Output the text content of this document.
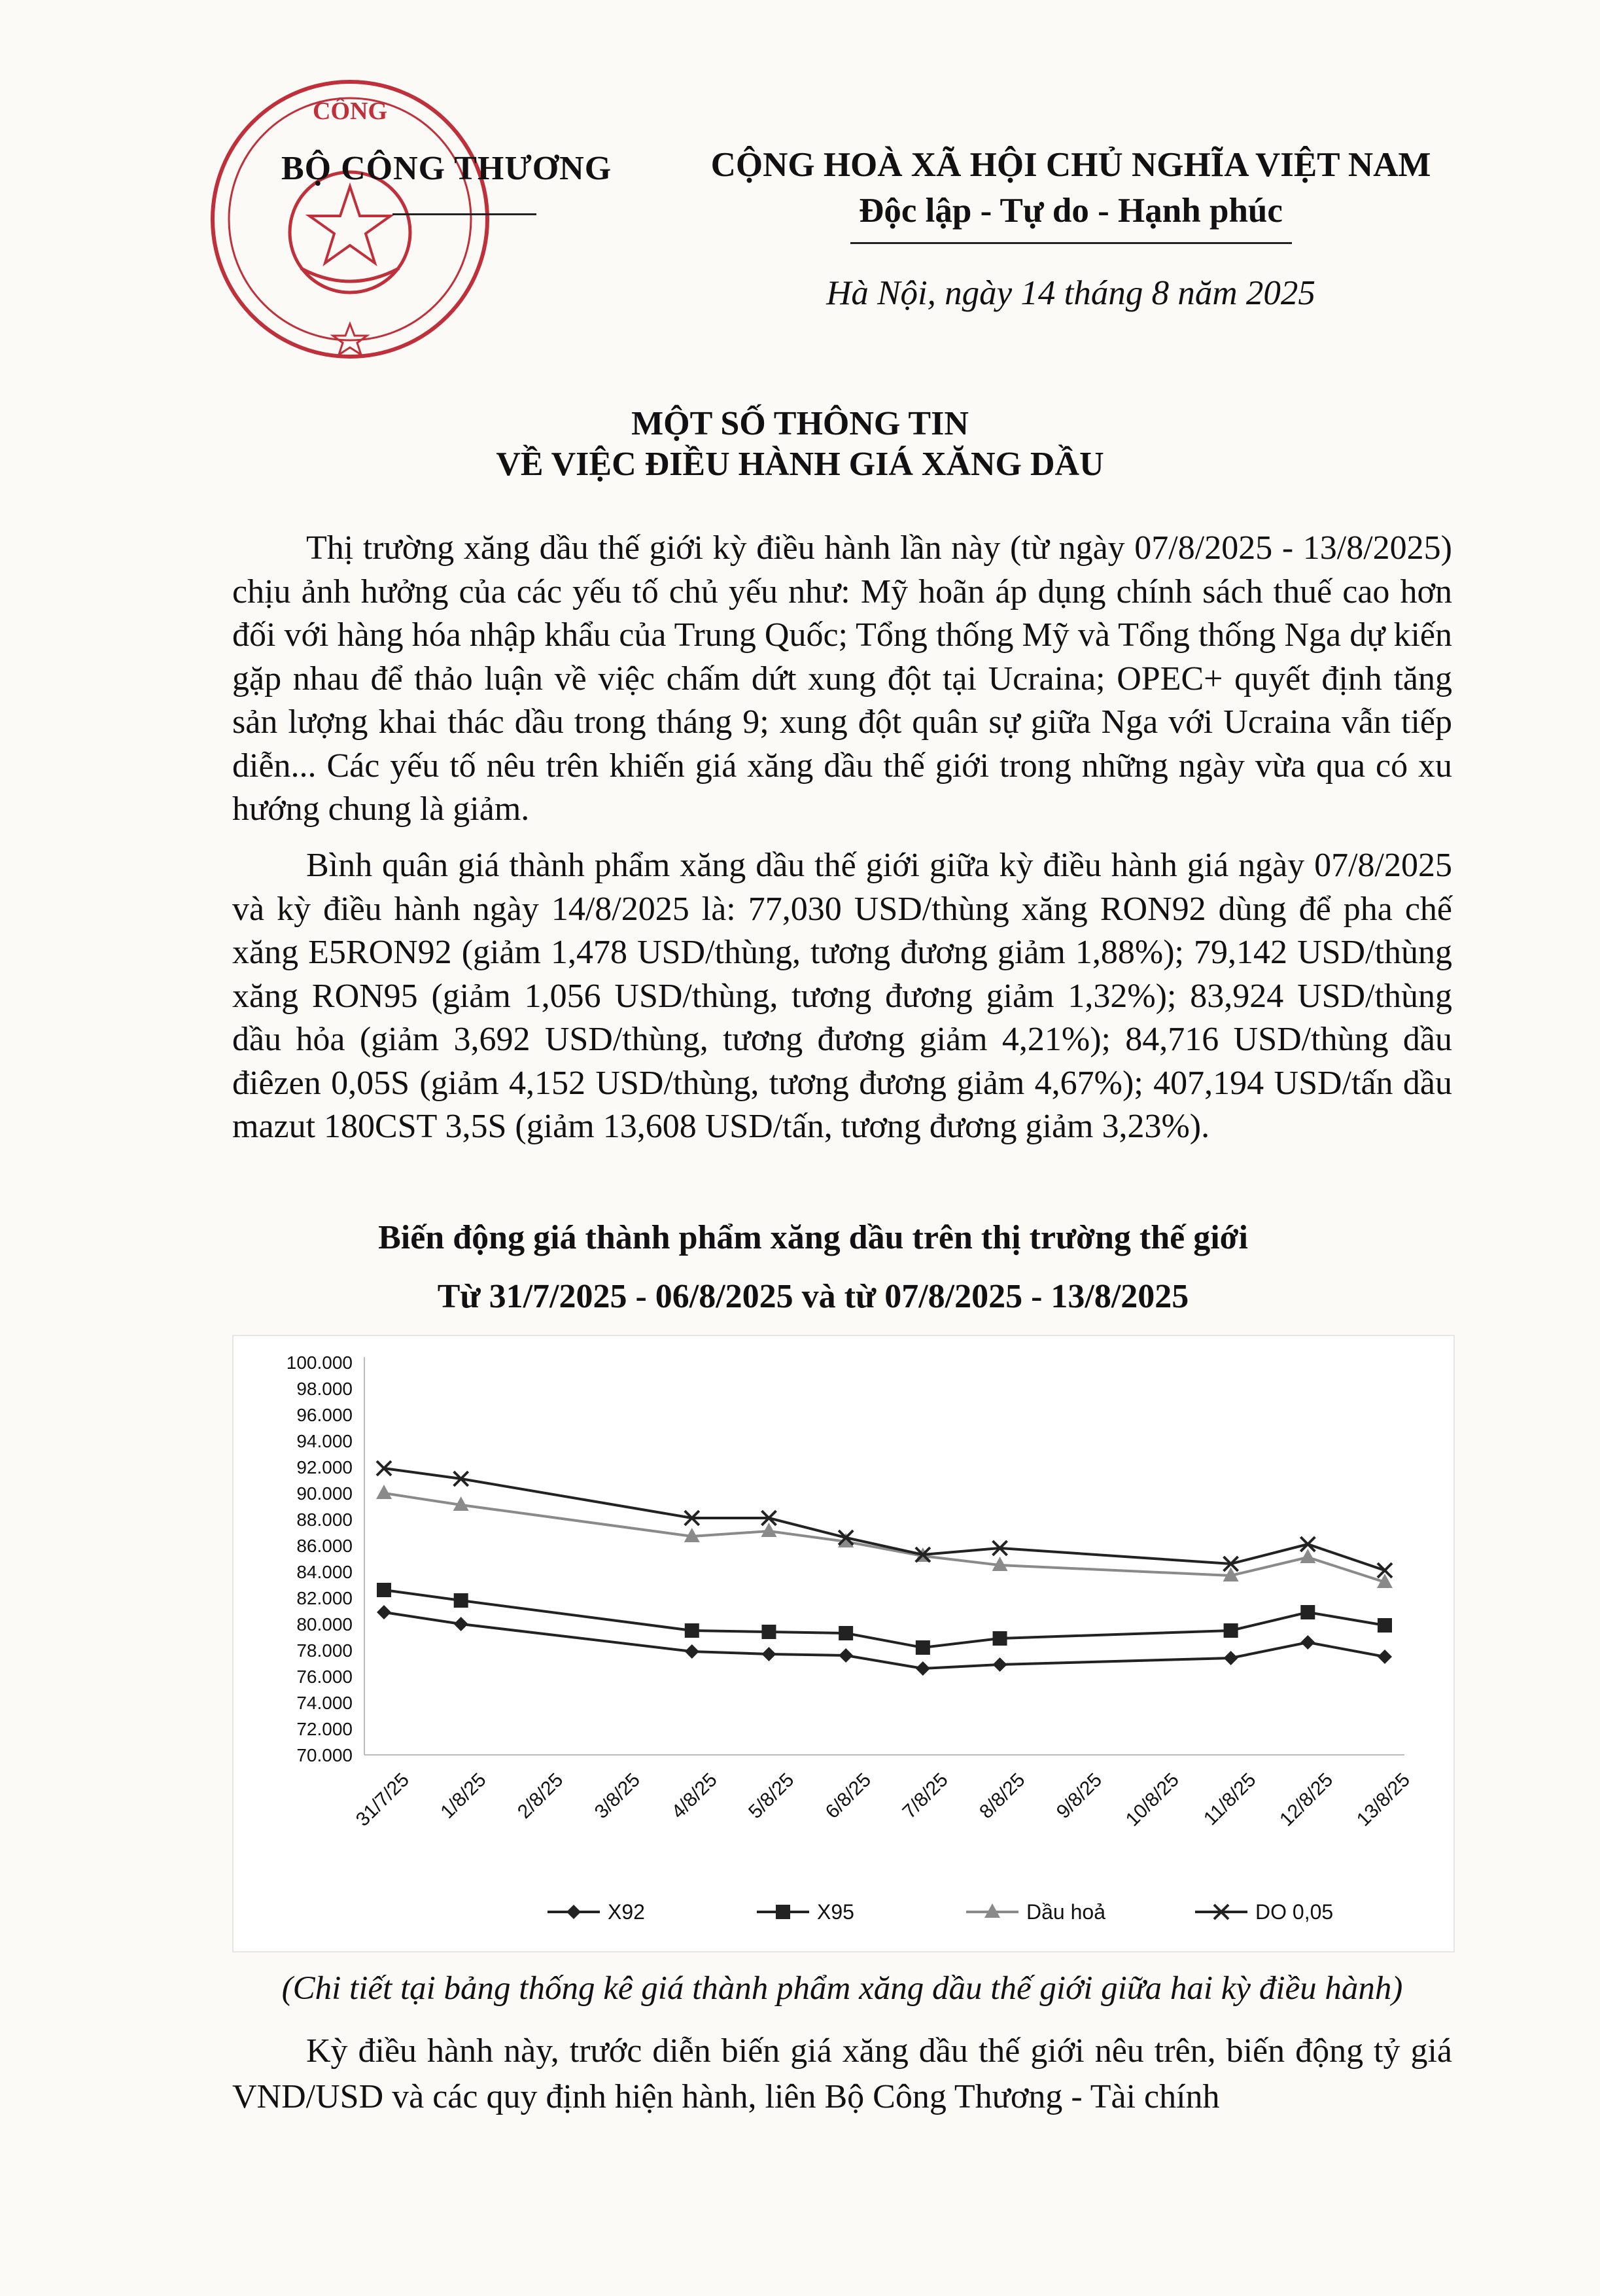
CÔNG
BỘ CÔNG THƯƠNG	CỘNG HOÀ XÃ HỘI CHỦ NGHĨA VIỆT NAM
Độc lập - Tự do - Hạnh phúc
Hà Nội, ngày 14 tháng 8 năm 2025
MỘT SỐ THÔNG TIN
VỀ VIỆC ĐIỀU HÀNH GIÁ XĂNG DẦU
Thị trường xăng dầu thế giới kỳ điều hành lần này (từ ngày 07/8/2025 - 13/8/2025) chịu ảnh hưởng của các yếu tố chủ yếu như: Mỹ hoãn áp dụng chính sách thuế cao hơn đối với hàng hóa nhập khẩu của Trung Quốc; Tổng thống Mỹ và Tổng thống Nga dự kiến gặp nhau để thảo luận về việc chấm dứt xung đột tại Ucraina; OPEC+ quyết định tăng sản lượng khai thác dầu trong tháng 9; xung đột quân sự giữa Nga với Ucraina vẫn tiếp diễn... Các yếu tố nêu trên khiến giá xăng dầu thế giới trong những ngày vừa qua có xu hướng chung là giảm.
Bình quân giá thành phẩm xăng dầu thế giới giữa kỳ điều hành giá ngày 07/8/2025 và kỳ điều hành ngày 14/8/2025 là: 77,030 USD/thùng xăng RON92 dùng để pha chế xăng E5RON92 (giảm 1,478 USD/thùng, tương đương giảm 1,88%); 79,142 USD/thùng xăng RON95 (giảm 1,056 USD/thùng, tương đương giảm 1,32%); 83,924 USD/thùng dầu hỏa (giảm 3,692 USD/thùng, tương đương giảm 4,21%); 84,716 USD/thùng dầu điêzen 0,05S (giảm 4,152 USD/thùng, tương đương giảm 4,67%); 407,194 USD/tấn dầu mazut 180CST 3,5S (giảm 13,608 USD/tấn, tương đương giảm 3,23%).
Biến động giá thành phẩm xăng dầu trên thị trường thế giới
Từ 31/7/2025 - 06/8/2025 và từ 07/8/2025 - 13/8/2025
70.000
72.000
74.000
76.000
78.000
80.000
82.000
84.000
86.000
88.000
90.000
92.000
94.000
96.000
98.000
100.000
31/7/25 1/8/25 2/8/25 3/8/25 4/8/25 5/8/25 6/8/25 7/8/25 8/8/25 9/8/25 10/8/25 11/8/25 12/8/25 13/8/25
X92	X95	Dầu hoả	DO 0,05
(Chi tiết tại bảng thống kê giá thành phẩm xăng dầu thế giới giữa hai kỳ điều hành)
Kỳ điều hành này, trước diễn biến giá xăng dầu thế giới nêu trên, biến động tỷ giá VND/USD và các quy định hiện hành, liên Bộ Công Thương - Tài chính
